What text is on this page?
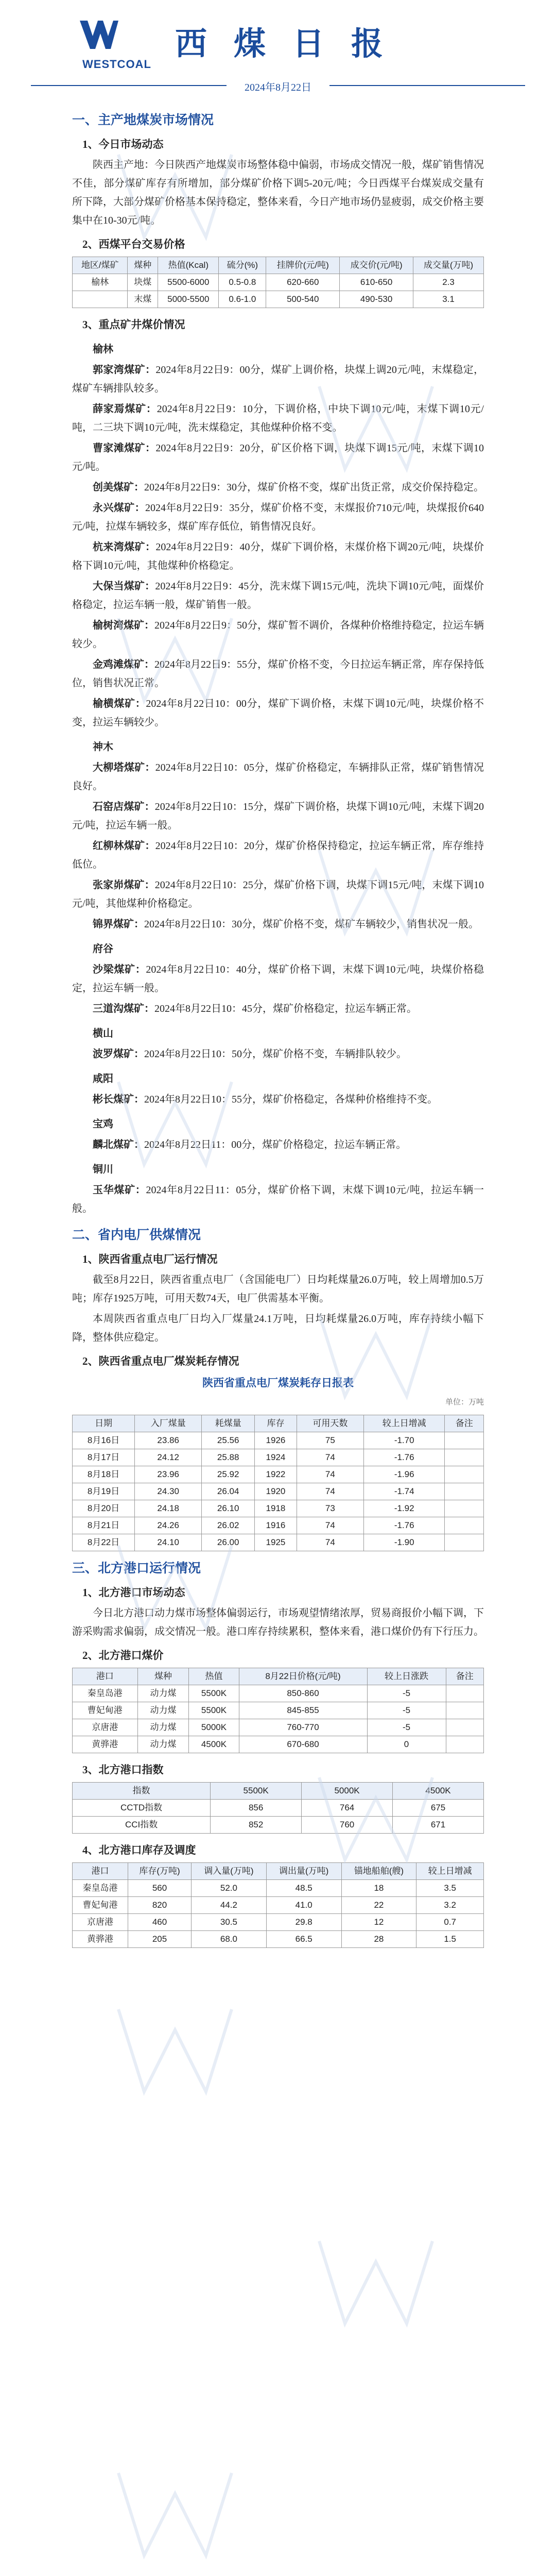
WESTCOAL
西煤日报
2024年8月22日
一、主产地煤炭市场情况
1、今日市场动态

陕西主产地：今日陕西产地煤炭市场整体稳中偏弱，市场成交情况一般，煤矿销售情况不佳，部分煤矿库存有所增加，部分煤矿价格下调5-20元/吨；今日西煤平台煤炭成交量有所下降，大部分煤矿价格基本保持稳定，整体来看，今日产地市场仍显疲弱，成交价格主要集中在10-30元/吨。

2、西煤平台交易价格
地区/煤矿	煤种	热值(Kcal)	硫分(%)	挂牌价(元/吨)	成交价(元/吨)	成交量(万吨)
榆林	块煤	5500-6000	0.5-0.8	620-660	610-650	2.3
	末煤	5000-5500	0.6-1.0	500-540	490-530	3.1
3、重点矿井煤价情况
榆林

郭家湾煤矿：2024年8月22日9：00分，煤矿上调价格，块煤上调20元/吨，末煤稳定，煤矿车辆排队较多。

薛家焉煤矿：2024年8月22日9：10分，下调价格，中块下调10元/吨，末煤下调10元/吨，二三块下调10元/吨，洗末煤稳定，其他煤种价格不变。

曹家滩煤矿：2024年8月22日9：20分，矿区价格下调，块煤下调15元/吨，末煤下调10元/吨。

创美煤矿：2024年8月22日9：30分，煤矿价格不变，煤矿出货正常，成交价保持稳定。

永兴煤矿：2024年8月22日9：35分，煤矿价格不变，末煤报价710元/吨，块煤报价640元/吨，拉煤车辆较多，煤矿库存低位，销售情况良好。

杭来湾煤矿：2024年8月22日9：40分，煤矿下调价格，末煤价格下调20元/吨，块煤价格下调10元/吨，其他煤种价格稳定。

大保当煤矿：2024年8月22日9：45分，洗末煤下调15元/吨，洗块下调10元/吨，面煤价格稳定，拉运车辆一般，煤矿销售一般。

榆树湾煤矿：2024年8月22日9：50分，煤矿暂不调价，各煤种价格维持稳定，拉运车辆较少。

金鸡滩煤矿：2024年8月22日9：55分，煤矿价格不变，今日拉运车辆正常，库存保持低位，销售状况正常。

榆横煤矿：2024年8月22日10：00分，煤矿下调价格，末煤下调10元/吨，块煤价格不变，拉运车辆较少。

神木

大柳塔煤矿：2024年8月22日10：05分，煤矿价格稳定，车辆排队正常，煤矿销售情况良好。

石窑店煤矿：2024年8月22日10：15分，煤矿下调价格，块煤下调10元/吨，末煤下调20元/吨，拉运车辆一般。

红柳林煤矿：2024年8月22日10：20分，煤矿价格保持稳定，拉运车辆正常，库存维持低位。

张家峁煤矿：2024年8月22日10：25分，煤矿价格下调，块煤下调15元/吨，末煤下调10元/吨，其他煤种价格稳定。

锦界煤矿：2024年8月22日10：30分，煤矿价格不变，煤矿车辆较少，销售状况一般。

府谷

沙梁煤矿：2024年8月22日10：40分，煤矿价格下调，末煤下调10元/吨，块煤价格稳定，拉运车辆一般。

三道沟煤矿：2024年8月22日10：45分，煤矿价格稳定，拉运车辆正常。

横山

波罗煤矿：2024年8月22日10：50分，煤矿价格不变，车辆排队较少。

咸阳

彬长煤矿：2024年8月22日10：55分，煤矿价格稳定，各煤种价格维持不变。

宝鸡

麟北煤矿：2024年8月22日11：00分，煤矿价格稳定，拉运车辆正常。

铜川

玉华煤矿：2024年8月22日11：05分，煤矿价格下调，末煤下调10元/吨，拉运车辆一般。

二、省内电厂供煤情况
1、陕西省重点电厂运行情况

截至8月22日，陕西省重点电厂（含国能电厂）日均耗煤量26.0万吨，较上周增加0.5万吨；库存1925万吨，可用天数74天，电厂供需基本平衡。

本周陕西省重点电厂日均入厂煤量24.1万吨，日均耗煤量26.0万吨，库存持续小幅下降，整体供应稳定。

2、陕西省重点电厂煤炭耗存情况
陕西省重点电厂煤炭耗存日报表
单位：万吨
日期	入厂煤量	耗煤量	库存	可用天数	较上日增减	备注
8月16日	23.86	25.56	1926	75	-1.70	
8月17日	24.12	25.88	1924	74	-1.76	
8月18日	23.96	25.92	1922	74	-1.96	
8月19日	24.30	26.04	1920	74	-1.74	
8月20日	24.18	26.10	1918	73	-1.92	
8月21日	24.26	26.02	1916	74	-1.76	
8月22日	24.10	26.00	1925	74	-1.90	
三、北方港口运行情况
1、北方港口市场动态

今日北方港口动力煤市场整体偏弱运行，市场观望情绪浓厚，贸易商报价小幅下调，下游采购需求偏弱，成交情况一般。港口库存持续累积，整体来看，港口煤价仍有下行压力。

2、北方港口煤价
港口	煤种	热值	8月22日价格(元/吨)	较上日涨跌	备注
秦皇岛港	动力煤	5500K	850-860	-5	
曹妃甸港	动力煤	5500K	845-855	-5	
京唐港	动力煤	5000K	760-770	-5	
黄骅港	动力煤	4500K	670-680	0	
3、北方港口指数
指数	5500K	5000K	4500K
CCTD指数	856	764	675
CCI指数	852	760	671
4、北方港口库存及调度
港口	库存(万吨)	调入量(万吨)	调出量(万吨)	锚地船舶(艘)	较上日增减
秦皇岛港	560	52.0	48.5	18	3.5
曹妃甸港	820	44.2	41.0	22	3.2
京唐港	460	30.5	29.8	12	0.7
黄骅港	205	68.0	66.5	28	1.5
